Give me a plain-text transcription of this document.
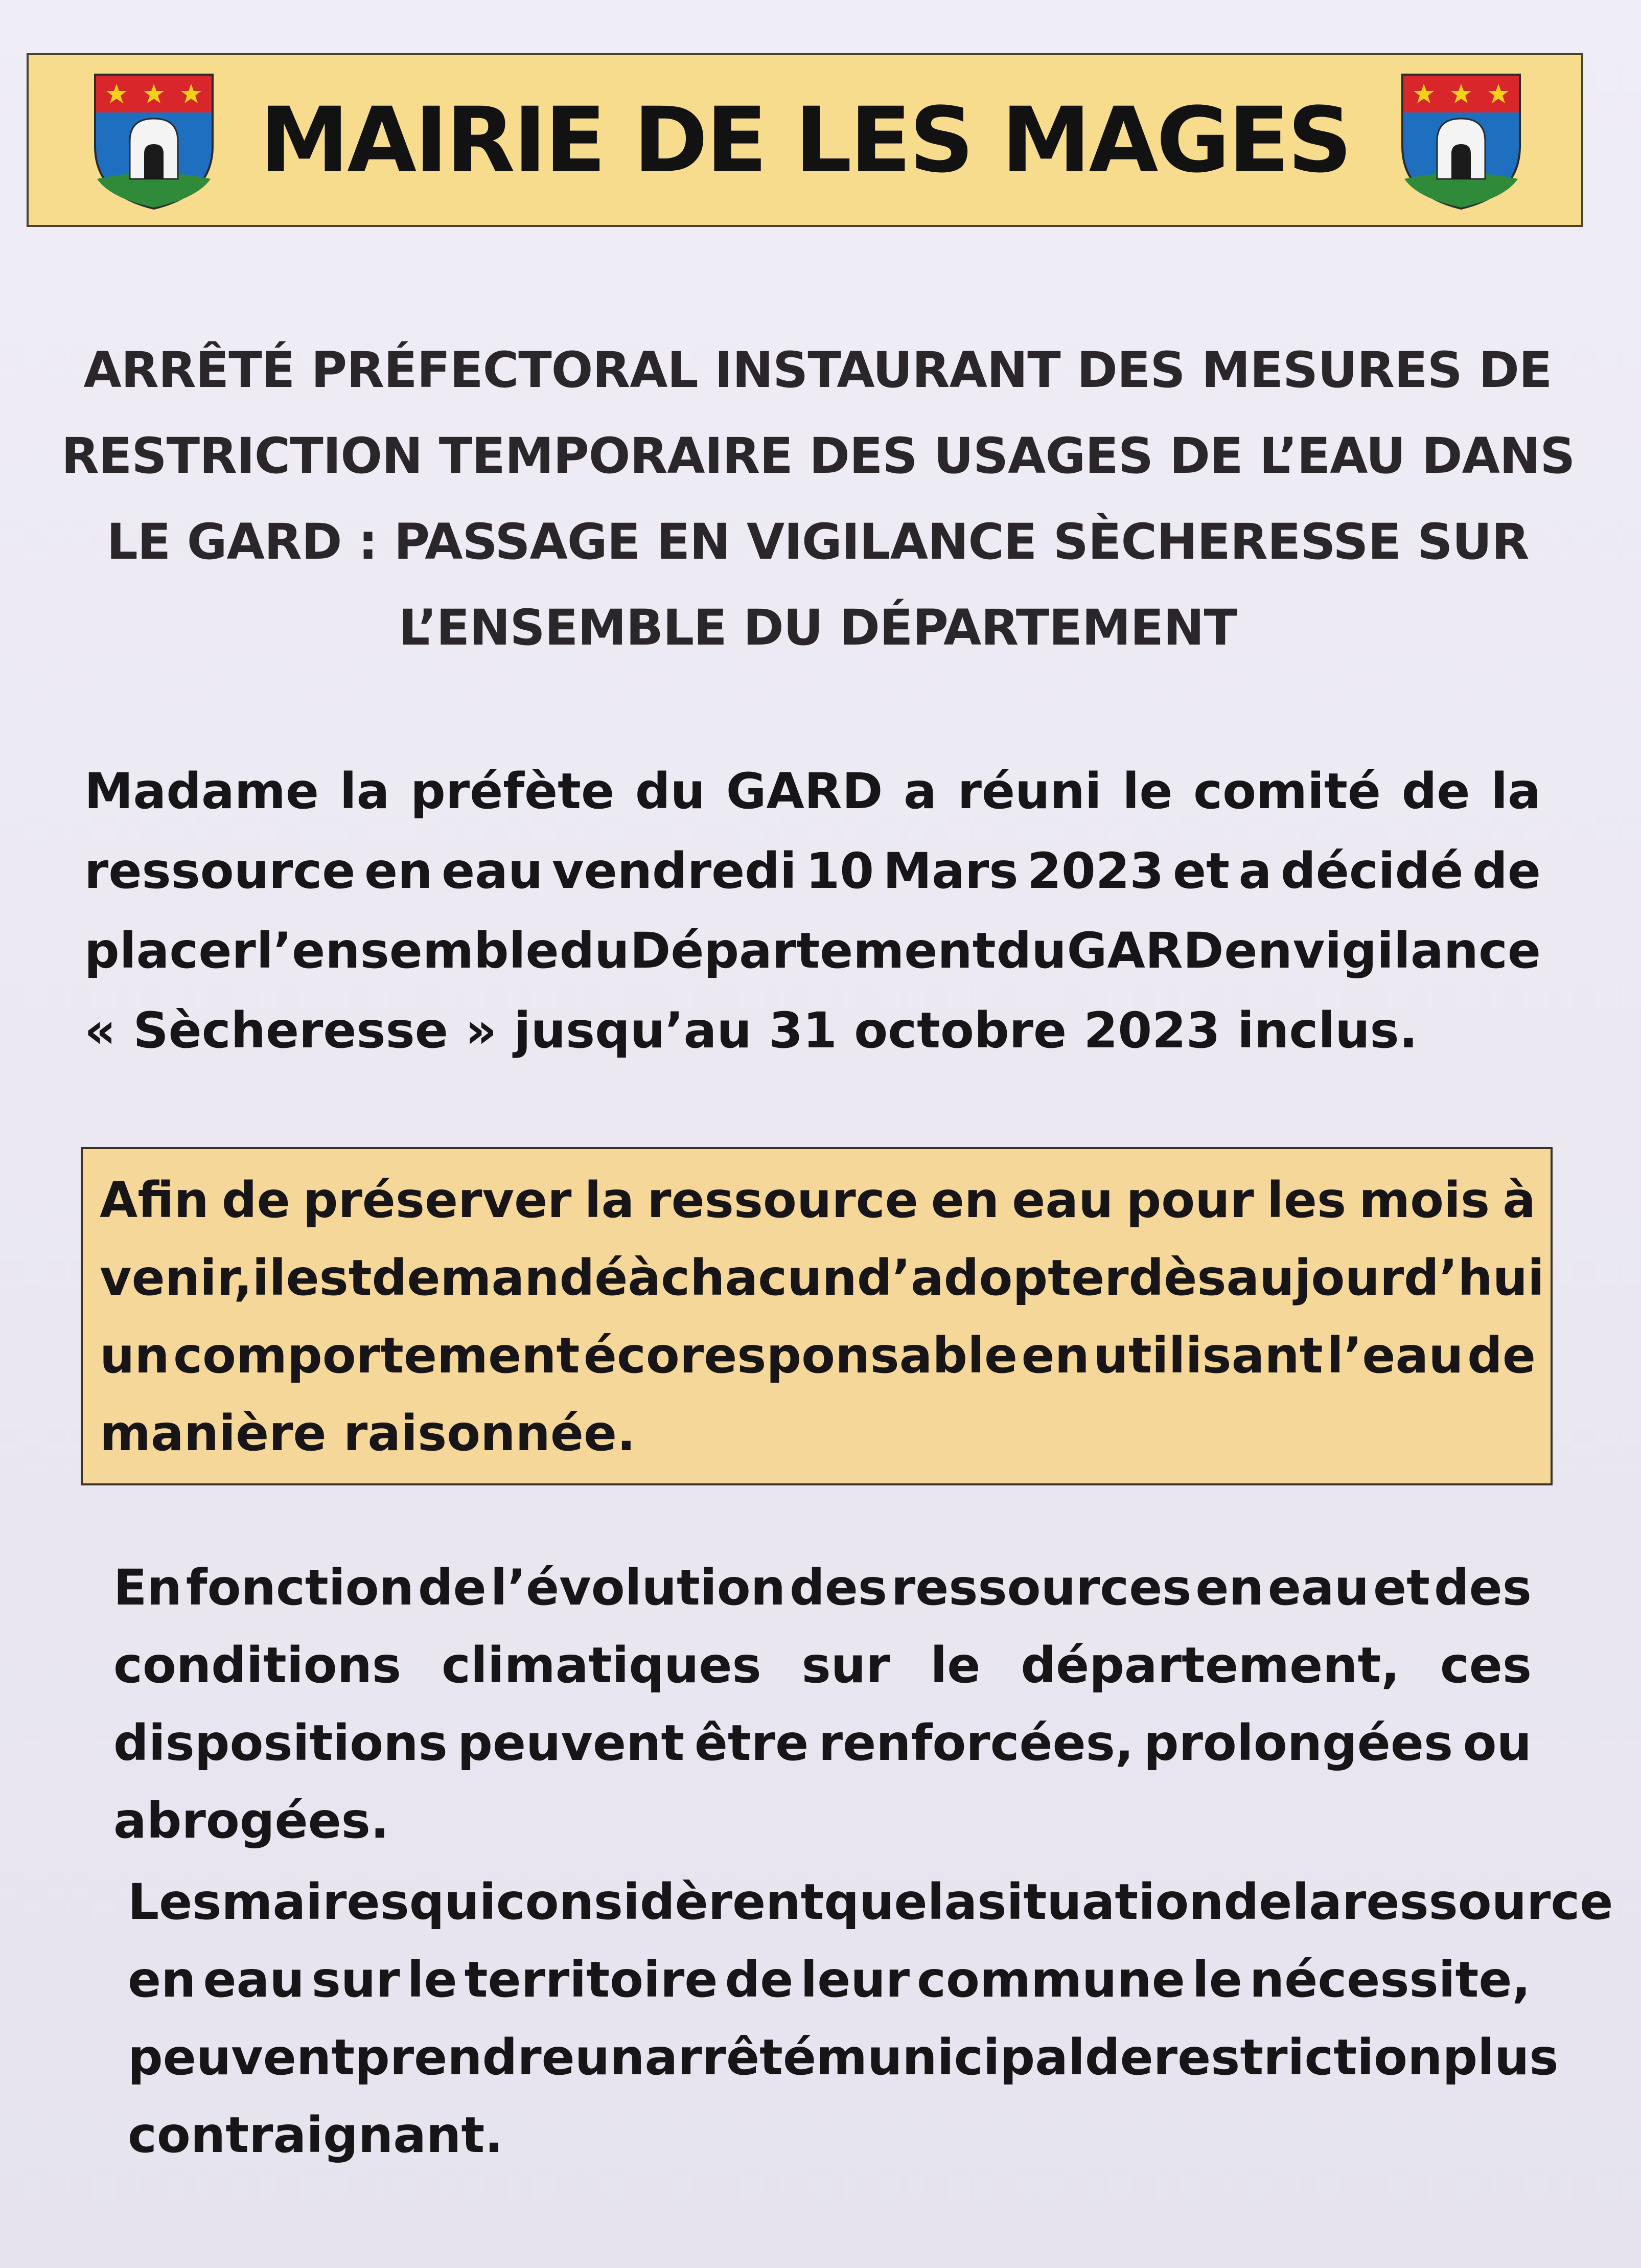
MAIRIE DE LES MAGES
ARRÊTÉ PRÉFECTORAL INSTAURANT DES MESURES DE
RESTRICTION TEMPORAIRE DES USAGES DE L’EAU DANS
LE GARD : PASSAGE EN VIGILANCE SÈCHERESSE SUR
L’ENSEMBLE DU DÉPARTEMENT
Madame la préfète du GARD a réuni le comité de la
ressource en eau vendredi 10 Mars 2023 et a décidé de
placer l’ensemble du Département du GARD en vigilance
« Sècheresse » jusqu’au 31 octobre 2023 inclus.
Afin de préserver la ressource en eau pour les mois à
venir, il est demandé à chacun d’adopter dès aujourd’hui
un comportement écoresponsable en utilisant l’eau de
manière raisonnée.
En fonction de l’évolution des ressources en eau et des
conditions climatiques sur le département, ces
dispositions peuvent être renforcées, prolongées ou
abrogées.
Les maires qui considèrent que la situation de la ressource
en eau sur le territoire de leur commune le nécessite,
peuvent prendre un arrêté municipal de restriction plus
contraignant.
